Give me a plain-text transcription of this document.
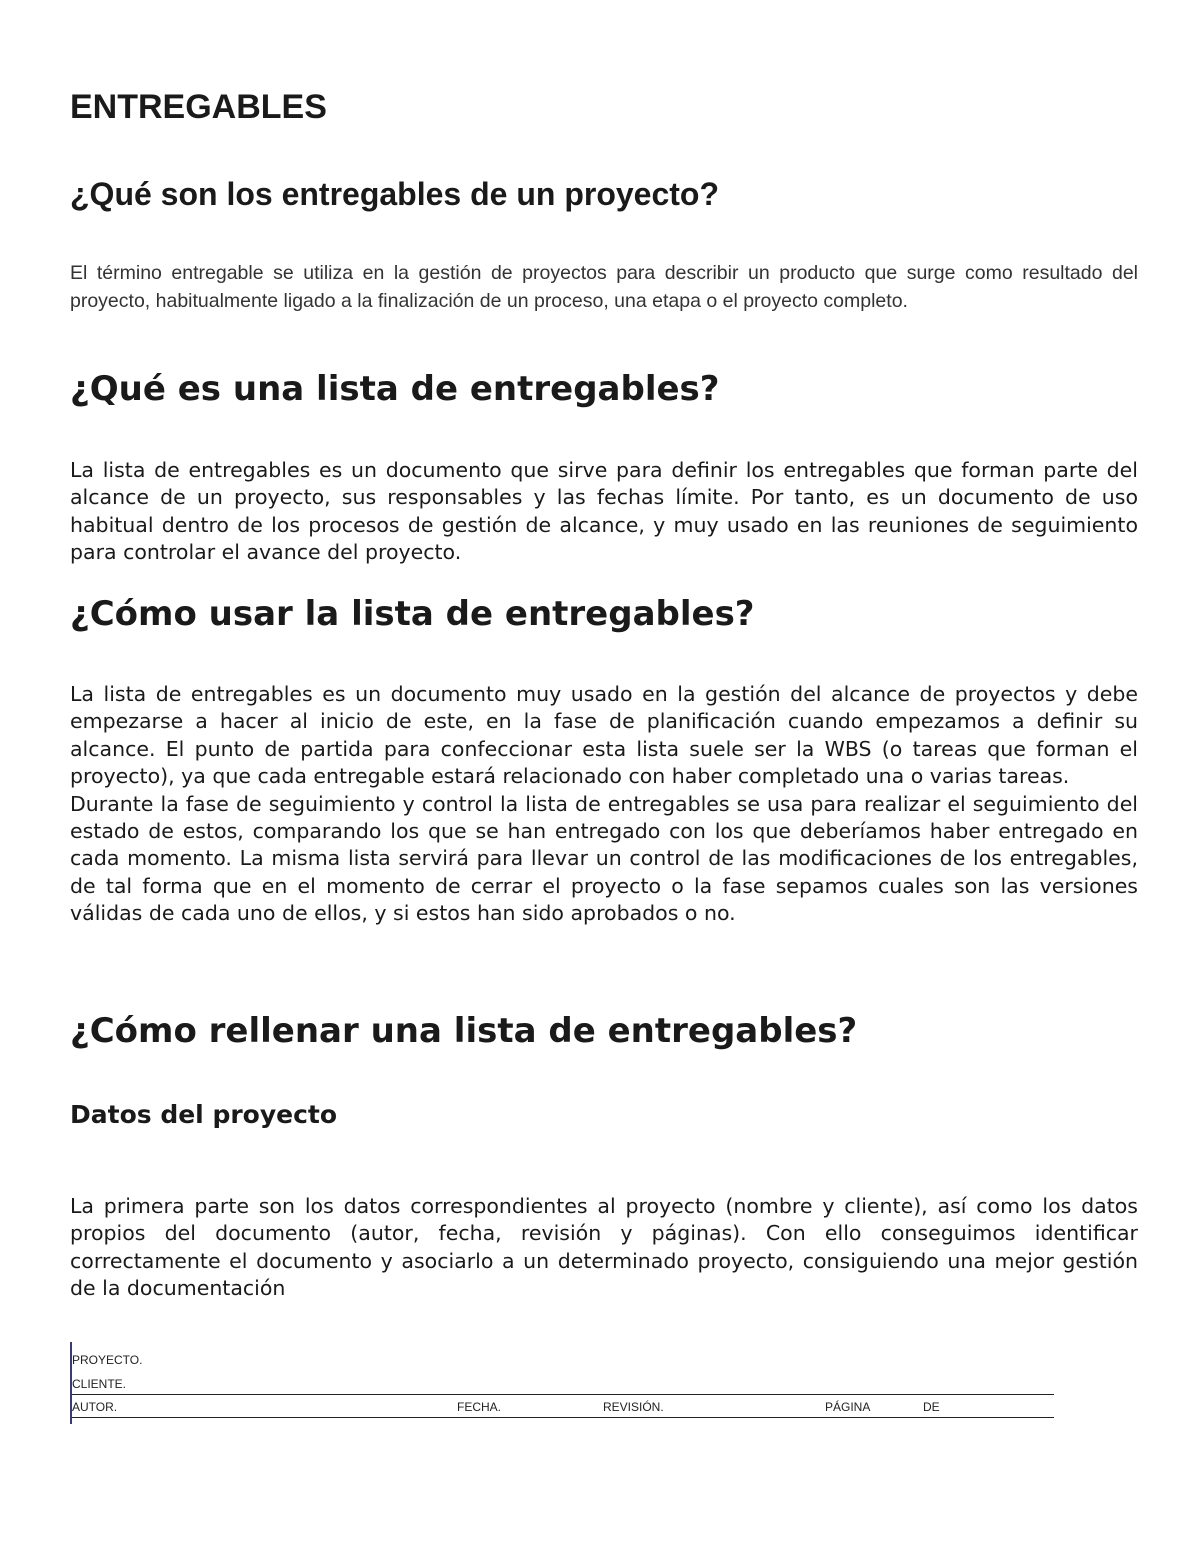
ENTREGABLES
¿Qué son los entregables de un proyecto?

El término entregable se utiliza en la gestión de proyectos para describir un producto que surge como resultado del proyecto, habitualmente ligado a la finalización de un proceso, una etapa o el proyecto completo.

¿Qué es una lista de entregables?

La lista de entregables es un documento que sirve para definir los entregables que forman parte del alcance de un proyecto, sus responsables y las fechas límite. Por tanto, es un documento de uso habitual dentro de los procesos de gestión de alcance, y muy usado en las reuniones de seguimiento para controlar el avance del proyecto.

¿Cómo usar la lista de entregables?
La lista de entregables es un documento muy usado en la gestión del alcance de proyectos y debe empezarse a hacer al inicio de este, en la fase de planificación cuando empezamos a definir su alcance. El punto de partida para confeccionar esta lista suele ser la WBS (o tareas que forman el proyecto), ya que cada entregable estará relacionado con haber completado una o varias tareas.
Durante la fase de seguimiento y control la lista de entregables se usa para realizar el seguimiento del estado de estos, comparando los que se han entregado con los que deberíamos haber entregado en cada momento. La misma lista servirá para llevar un control de las modificaciones de los entregables, de tal forma que en el momento de cerrar el proyecto o la fase sepamos cuales son las versiones válidas de cada uno de ellos, y si estos han sido aprobados o no.
¿Cómo rellenar una lista de entregables?
Datos del proyecto

La primera parte son los datos correspondientes al proyecto (nombre y cliente), así como los datos propios del documento (autor, fecha, revisión y páginas). Con ello conseguimos identificar correctamente el documento y asociarlo a un determinado proyecto, consiguiendo una mejor gestión de la documentación

PROYECTO.
CLIENTE.
AUTOR.	FECHA.	REVISIÓN.	PÁGINA	DE
